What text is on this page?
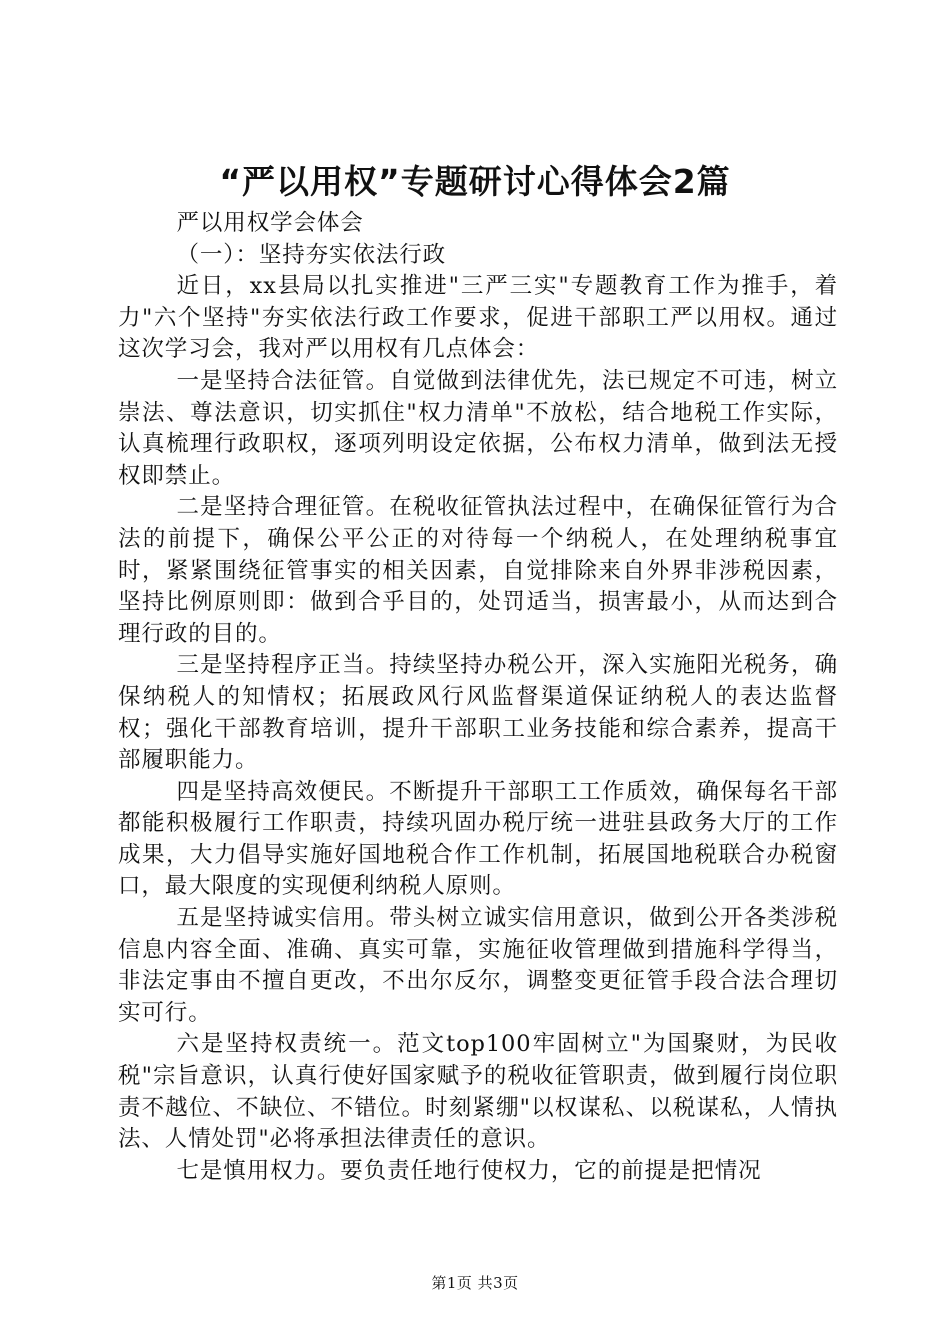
“严以用权”专题研讨心得体会2篇

严以用权学会体会

（一）：坚持夯实依法行政

近日，xx县局以扎实推进"三严三实"专题教育工作为推手，着力"六个坚持"夯实依法行政工作要求，促进干部职工严以用权。通过这次学习会，我对严以用权有几点体会：

一是坚持合法征管。自觉做到法律优先，法已规定不可违，树立崇法、尊法意识，切实抓住"权力清单"不放松，结合地税工作实际，认真梳理行政职权，逐项列明设定依据，公布权力清单，做到法无授权即禁止。

二是坚持合理征管。在税收征管执法过程中，在确保征管行为合法的前提下，确保公平公正的对待每一个纳税人，在处理纳税事宜时，紧紧围绕征管事实的相关因素，自觉排除来自外界非涉税因素，坚持比例原则即：做到合乎目的，处罚适当，损害最小，从而达到合理行政的目的。

三是坚持程序正当。持续坚持办税公开，深入实施阳光税务，确保纳税人的知情权；拓展政风行风监督渠道保证纳税人的表达监督权；强化干部教育培训，提升干部职工业务技能和综合素养，提高干部履职能力。

四是坚持高效便民。不断提升干部职工工作质效，确保每名干部都能积极履行工作职责，持续巩固办税厅统一进驻县政务大厅的工作成果，大力倡导实施好国地税合作工作机制，拓展国地税联合办税窗口，最大限度的实现便利纳税人原则。

五是坚持诚实信用。带头树立诚实信用意识，做到公开各类涉税信息内容全面、准确、真实可靠，实施征收管理做到措施科学得当，非法定事由不擅自更改，不出尔反尔，调整变更征管手段合法合理切实可行。

六是坚持权责统一。范文top100牢固树立"为国聚财，为民收税"宗旨意识，认真行使好国家赋予的税收征管职责，做到履行岗位职责不越位、不缺位、不错位。时刻紧绷"以权谋私、以税谋私，人情执法、人情处罚"必将承担法律责任的意识。

七是慎用权力。要负责任地行使权力，它的前提是把情况

第1页 共3页
